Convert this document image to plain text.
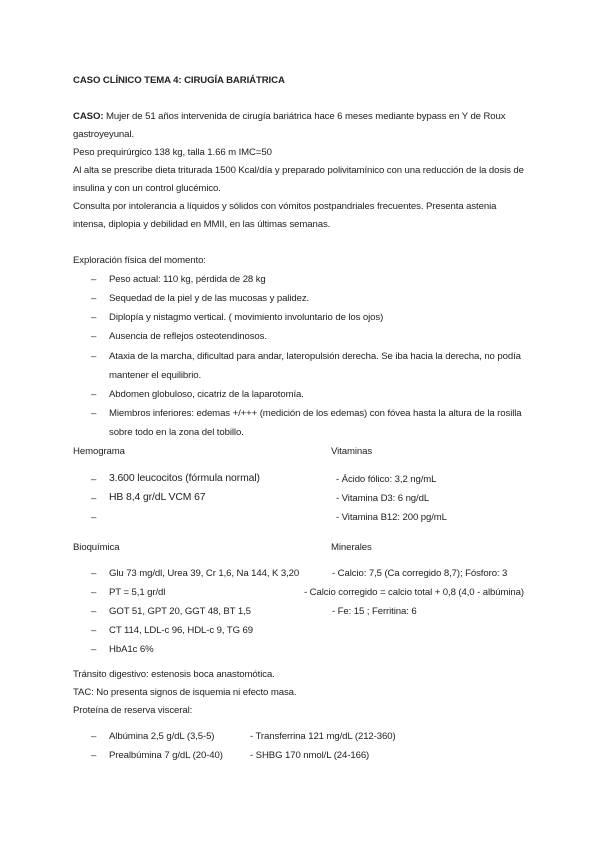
CASO CLÍNICO TEMA 4: CIRUGÍA BARIÁTRICA
CASO: Mujer de 51 años intervenida de cirugía bariátrica hace 6 meses mediante bypass en Y de Roux
gastroyeyunal.
Peso prequirúrgico 138 kg, talla 1.66 m IMC=50
Al alta se prescribe dieta triturada 1500 Kcal/día y preparado polivitamínico con una reducción de la dosis de
insulina y con un control glucémico.
Consulta por intolerancia a líquidos y sólidos con vómitos postpandriales frecuentes. Presenta astenia
intensa, diplopia y debilidad en MMII, en las últimas semanas.
Exploración física del momento:
– Peso actual: 110 kg, pérdida de 28 kg
– Sequedad de la piel y de las mucosas y palidez.
– Diplopía y nistagmo vertical. ( movimiento involuntario de los ojos)
– Ausencia de reflejos osteotendinosos.
– Ataxia de la marcha, dificultad para andar, lateropulsión derecha. Se iba hacia la derecha, no podía
mantener el equilibrio.
– Abdomen globuloso, cicatriz de la laparotomía.
– Miembros inferiores: edemas +/+++ (medición de los edemas) con fóvea hasta la altura de la rosilla
sobre todo en la zona del tobillo.
Hemograma	Vitaminas
– 3.600 leucocitos (fórmula normal)	- Ácido fólico: 3,2 ng/mL
– HB 8,4 gr/dL VCM 67	- Vitamina D3: 6 ng/dL
–	- Vitamina B12: 200 pg/mL
Bioquímica	Minerales
– Glu 73 mg/dl, Urea 39, Cr 1,6, Na 144, K 3,20	- Calcio: 7,5 (Ca corregido 8,7); Fósforo: 3
– PT = 5,1 gr/dl	- Calcio corregido = calcio total + 0,8 (4,0 - albúmina)
– GOT 51, GPT 20, GGT 48, BT 1,5	- Fe: 15 ; Ferritina: 6
– CT 114, LDL-c 96, HDL-c 9, TG 69
– HbA1c 6%
Tránsito digestivo: estenosis boca anastomótica.
TAC: No presenta signos de isquemia ni efecto masa.
Proteína de reserva visceral:
– Albúmina 2,5 g/dL (3,5-5)	- Transferrina 121 mg/dL (212-360)
– Prealbúmina 7 g/dL (20-40)	- SHBG 170 nmol/L (24-166)
